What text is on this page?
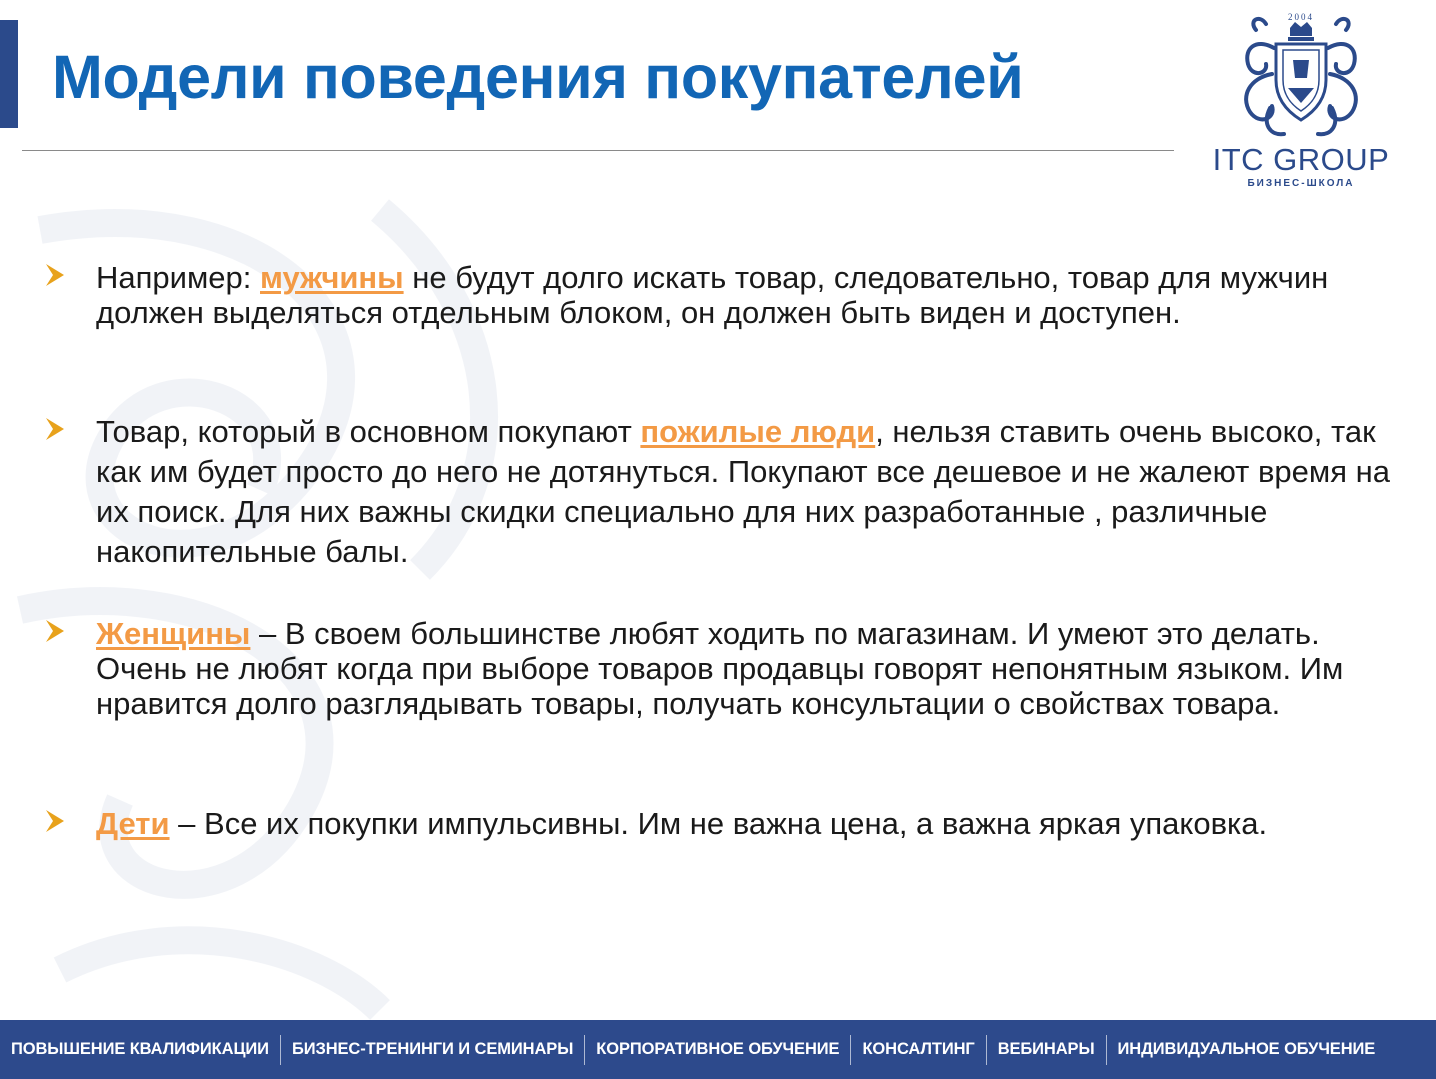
Модели поведения покупателей
2004
ITC GROUP
БИЗНЕС-ШКОЛА

Например: мужчины не будут долго искать товар, следовательно, товар для мужчин должен выделяться отдельным блоком, он должен быть виден и доступен.

Товар, который в основном покупают пожилые люди, нельзя ставить очень высоко, так как им будет просто до него не дотянуться. Покупают все дешевое и не жалеют время на их поиск. Для них важны скидки специально для них разработанные , различные накопительные балы.

Женщины – В своем большинстве любят ходить по магазинам. И умеют это делать. Очень не любят когда при выборе товаров продавцы говорят непонятным языком. Им нравится долго разглядывать товары, получать консультации о свойствах товара.

Дети – Все их покупки импульсивны. Им не важна цена, а важна яркая упаковка.

ПОВЫШЕНИЕ КВАЛИФИКАЦИИ	БИЗНЕС-ТРЕНИНГИ И СЕМИНАРЫ	КОРПОРАТИВНОЕ ОБУЧЕНИЕ	КОНСАЛТИНГ	ВЕБИНАРЫ	ИНДИВИДУАЛЬНОЕ ОБУЧЕНИЕ
